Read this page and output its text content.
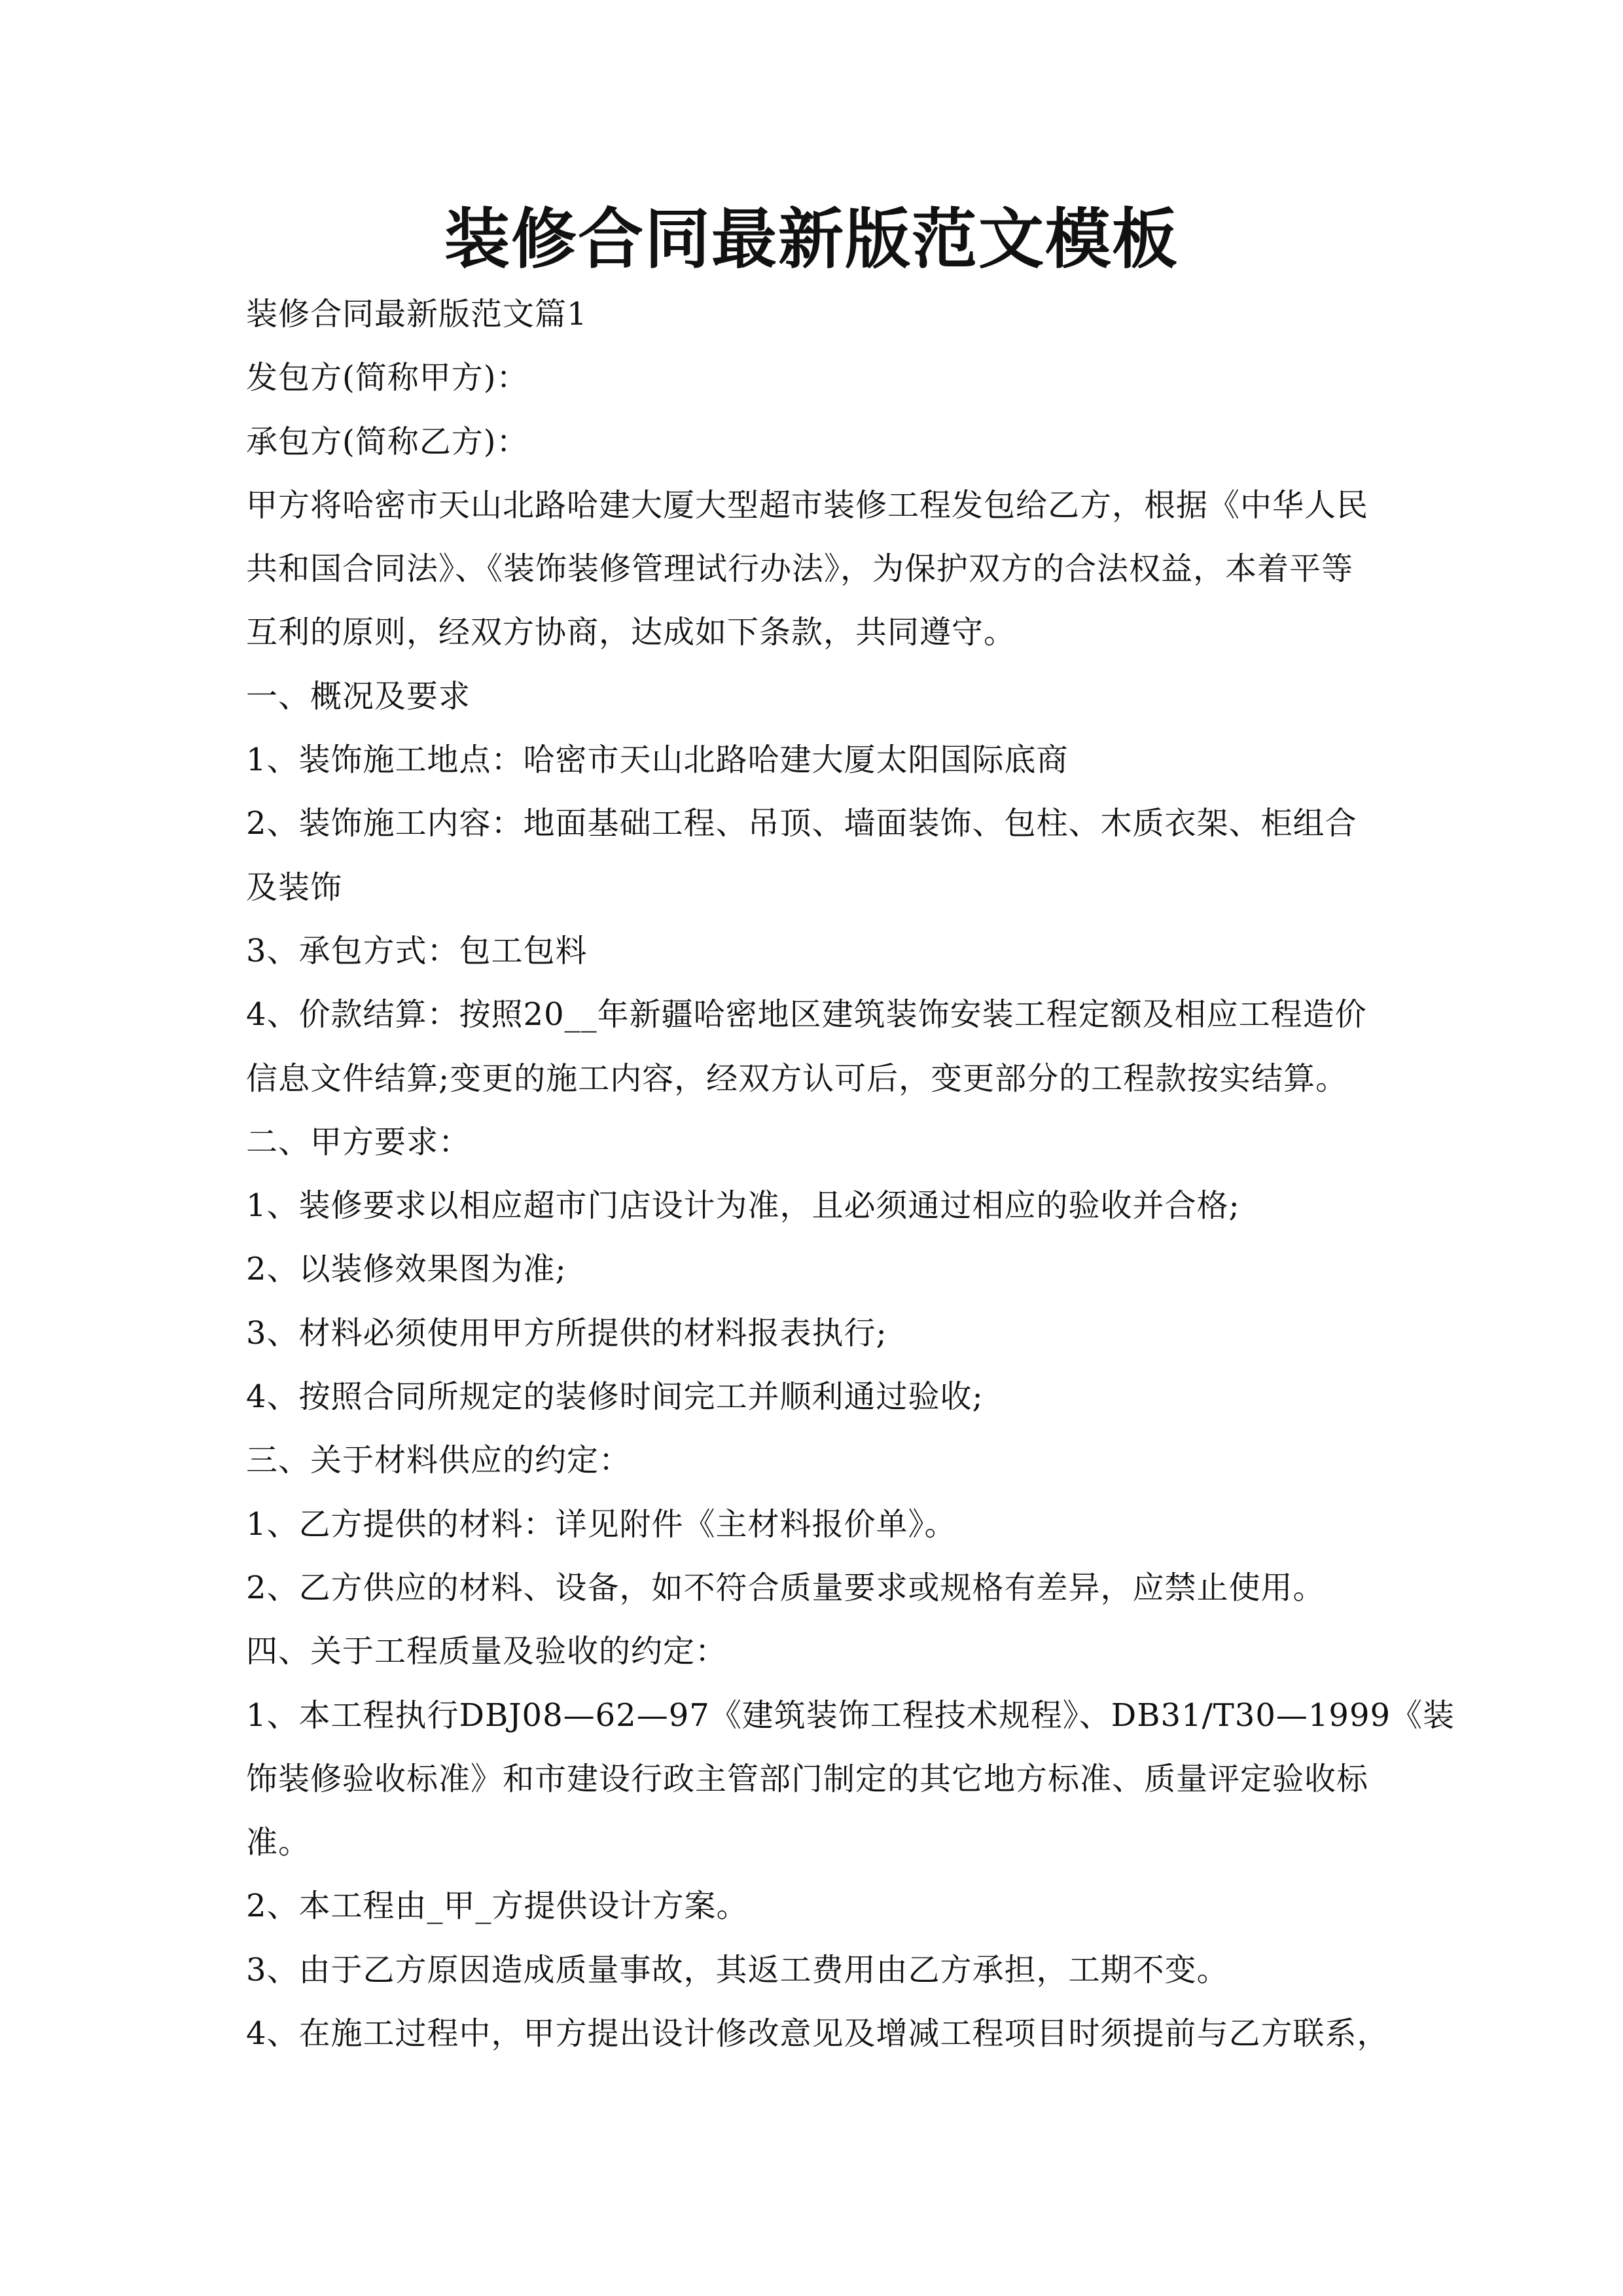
装修合同最新版范文模板
装修合同最新版范文篇1
发包方(简称甲方)：
承包方(简称乙方)：
甲方将哈密市天山北路哈建大厦大型超市装修工程发包给乙方，根据《中华人民
共和国合同法》、《装饰装修管理试行办法》，为保护双方的合法权益，本着平等
互利的原则，经双方协商，达成如下条款，共同遵守。
一、概况及要求
1、装饰施工地点：哈密市天山北路哈建大厦太阳国际底商
2、装饰施工内容：地面基础工程、吊顶、墙面装饰、包柱、木质衣架、柜组合
及装饰
3、承包方式：包工包料
4、价款结算：按照20__年新疆哈密地区建筑装饰安装工程定额及相应工程造价
信息文件结算;变更的施工内容，经双方认可后，变更部分的工程款按实结算。
二、甲方要求：
1、装修要求以相应超市门店设计为准，且必须通过相应的验收并合格;
2、以装修效果图为准;
3、材料必须使用甲方所提供的材料报表执行;
4、按照合同所规定的装修时间完工并顺利通过验收;
三、关于材料供应的约定：
1、乙方提供的材料：详见附件《主材料报价单》。
2、乙方供应的材料、设备，如不符合质量要求或规格有差异，应禁止使用。
四、关于工程质量及验收的约定：
1、本工程执行DBJ08—62—97《建筑装饰工程技术规程》、DB31/T30—1999《装
饰装修验收标准》和市建设行政主管部门制定的其它地方标准、质量评定验收标
准。
2、本工程由_甲_方提供设计方案。
3、由于乙方原因造成质量事故，其返工费用由乙方承担，工期不变。
4、在施工过程中，甲方提出设计修改意见及增减工程项目时须提前与乙方联系，
